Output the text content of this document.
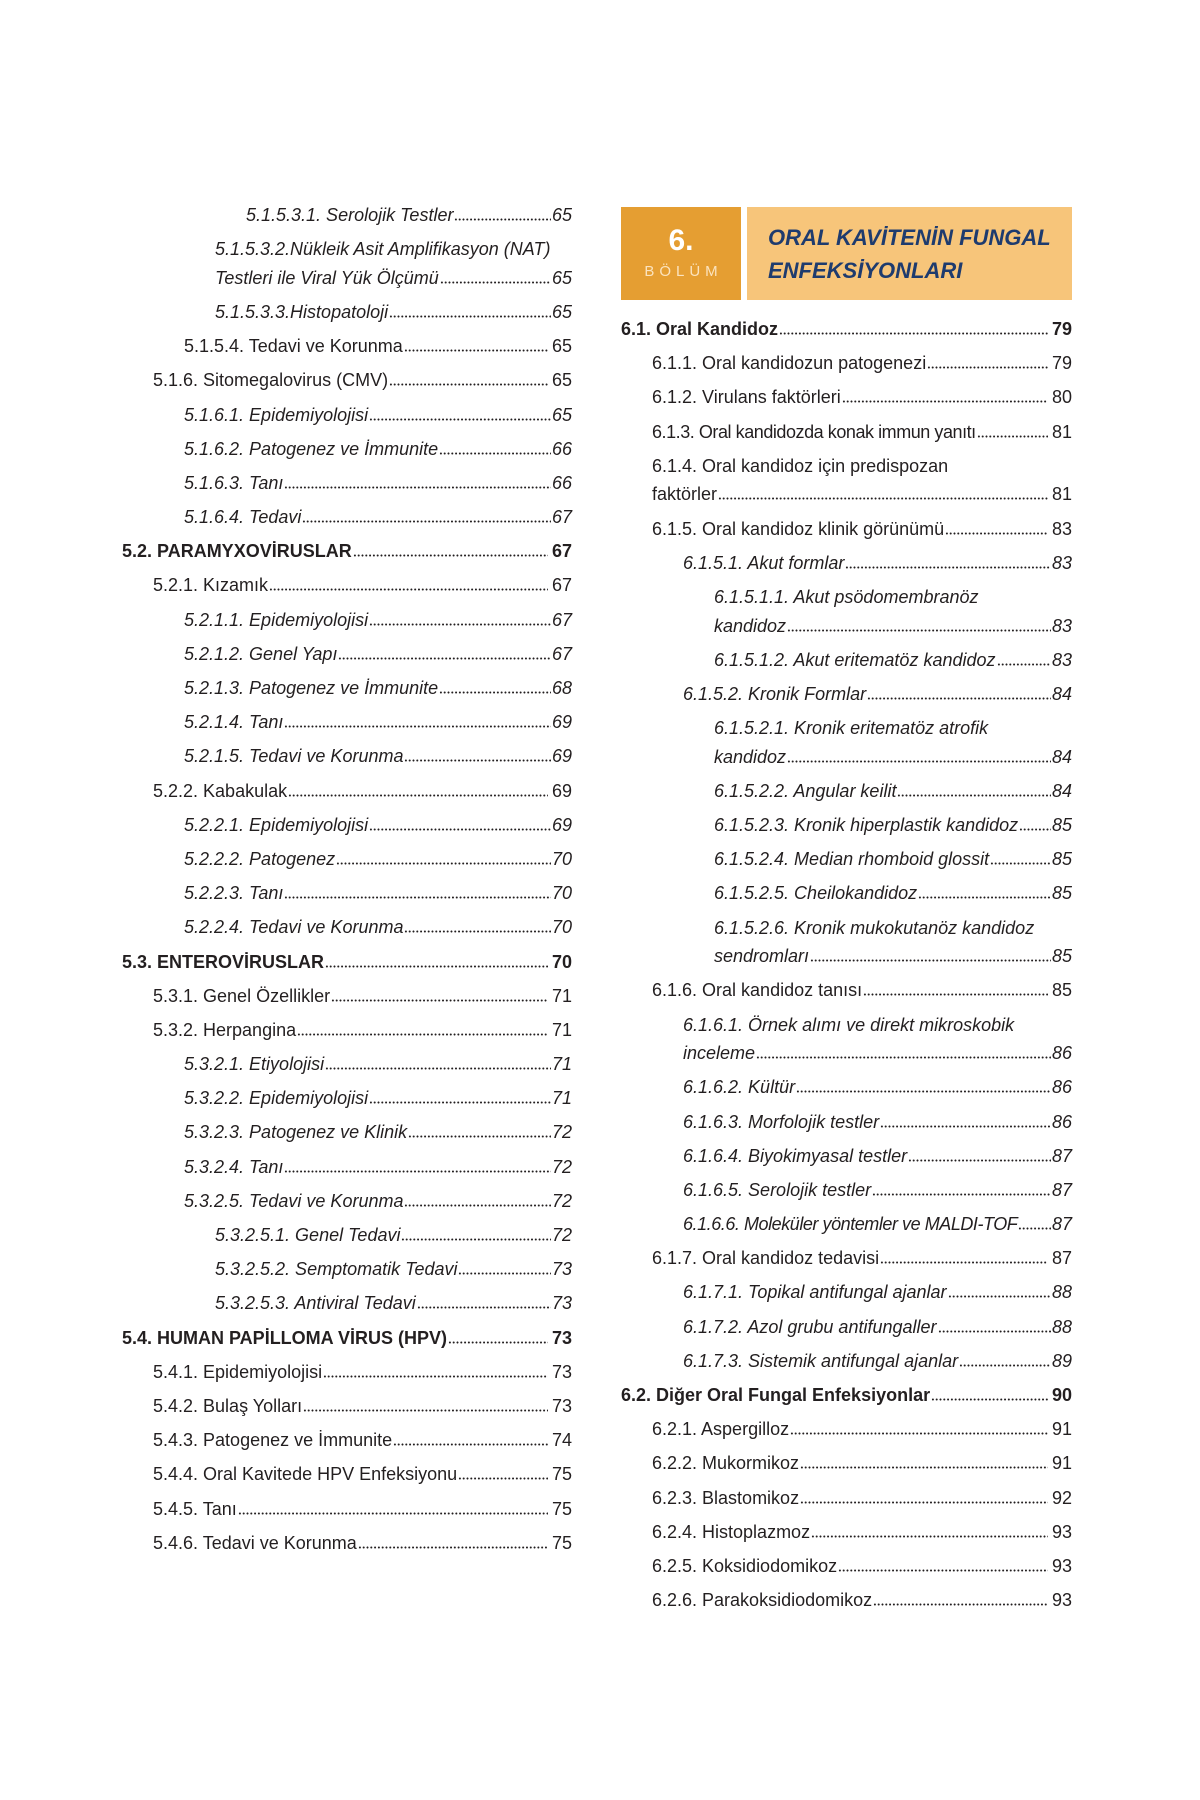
5.1.5.3.1. Serolojik Testler	65
5.1.5.3.2.Nükleik Asit Amplifikasyon (NAT)
Testleri ile Viral Yük Ölçümü	65
5.1.5.3.3.Histopatoloji	65
5.1.5.4. Tedavi ve Korunma	65
5.1.6. Sitomegalovirus (CMV)	65
5.1.6.1. Epidemiyolojisi	65
5.1.6.2. Patogenez ve İmmunite	66
5.1.6.3. Tanı	66
5.1.6.4. Tedavi	67
5.2. PARAMYXOVİRUSLAR	67
5.2.1. Kızamık	67
5.2.1.1. Epidemiyolojisi	67
5.2.1.2. Genel Yapı	67
5.2.1.3. Patogenez ve İmmunite	68
5.2.1.4. Tanı	69
5.2.1.5. Tedavi ve Korunma	69
5.2.2. Kabakulak	69
5.2.2.1. Epidemiyolojisi	69
5.2.2.2. Patogenez	70
5.2.2.3. Tanı	70
5.2.2.4. Tedavi ve Korunma	70
5.3. ENTEROVİRUSLAR	70
5.3.1. Genel Özellikler	71
5.3.2. Herpangina	71
5.3.2.1. Etiyolojisi	71
5.3.2.2. Epidemiyolojisi	71
5.3.2.3. Patogenez ve Klinik	72
5.3.2.4. Tanı	72
5.3.2.5. Tedavi ve Korunma	72
5.3.2.5.1. Genel Tedavi	72
5.3.2.5.2. Semptomatik Tedavi	73
5.3.2.5.3. Antiviral Tedavi	73
5.4. HUMAN PAPİLLOMA VİRUS (HPV)	73
5.4.1. Epidemiyolojisi	73
5.4.2. Bulaş Yolları	73
5.4.3. Patogenez ve İmmunite	74
5.4.4. Oral Kavitede HPV Enfeksiyonu	75
5.4.5. Tanı	75
5.4.6. Tedavi ve Korunma	75
6.
BÖLÜM
ORAL KAVİTENİN FUNGAL
ENFEKSİYONLARI
6.1. Oral Kandidoz	79
6.1.1. Oral kandidozun patogenezi	79
6.1.2. Virulans faktörleri	80
6.1.3. Oral kandidozda konak immun yanıtı	81
6.1.4. Oral kandidoz için predispozan
faktörler	81
6.1.5. Oral kandidoz klinik görünümü	83
6.1.5.1. Akut formlar	83
6.1.5.1.1. Akut psödomembranöz
kandidoz	83
6.1.5.1.2. Akut eritematöz kandidoz	83
6.1.5.2. Kronik Formlar	84
6.1.5.2.1. Kronik eritematöz atrofik
kandidoz	84
6.1.5.2.2. Angular keilit	84
6.1.5.2.3. Kronik hiperplastik kandidoz 85
6.1.5.2.4. Median rhomboid glossit	85
6.1.5.2.5. Cheilokandidoz	85
6.1.5.2.6. Kronik mukokutanöz kandidoz
sendromları	85
6.1.6. Oral kandidoz tanısı	85
6.1.6.1. Örnek alımı ve direkt mikroskobik
inceleme	86
6.1.6.2. Kültür	86
6.1.6.3. Morfolojik testler	86
6.1.6.4. Biyokimyasal testler	87
6.1.6.5. Serolojik testler	87
6.1.6.6. Moleküler yöntemler ve MALDI-TOF 87
6.1.7. Oral kandidoz tedavisi	87
6.1.7.1. Topikal antifungal ajanlar	88
6.1.7.2. Azol grubu antifungaller	88
6.1.7.3. Sistemik antifungal ajanlar	89
6.2. Diğer Oral Fungal Enfeksiyonlar	90
6.2.1. Aspergilloz	91
6.2.2. Mukormikoz	91
6.2.3. Blastomikoz	92
6.2.4. Histoplazmoz	93
6.2.5. Koksidiodomikoz	93
6.2.6. Parakoksidiodomikoz	93
